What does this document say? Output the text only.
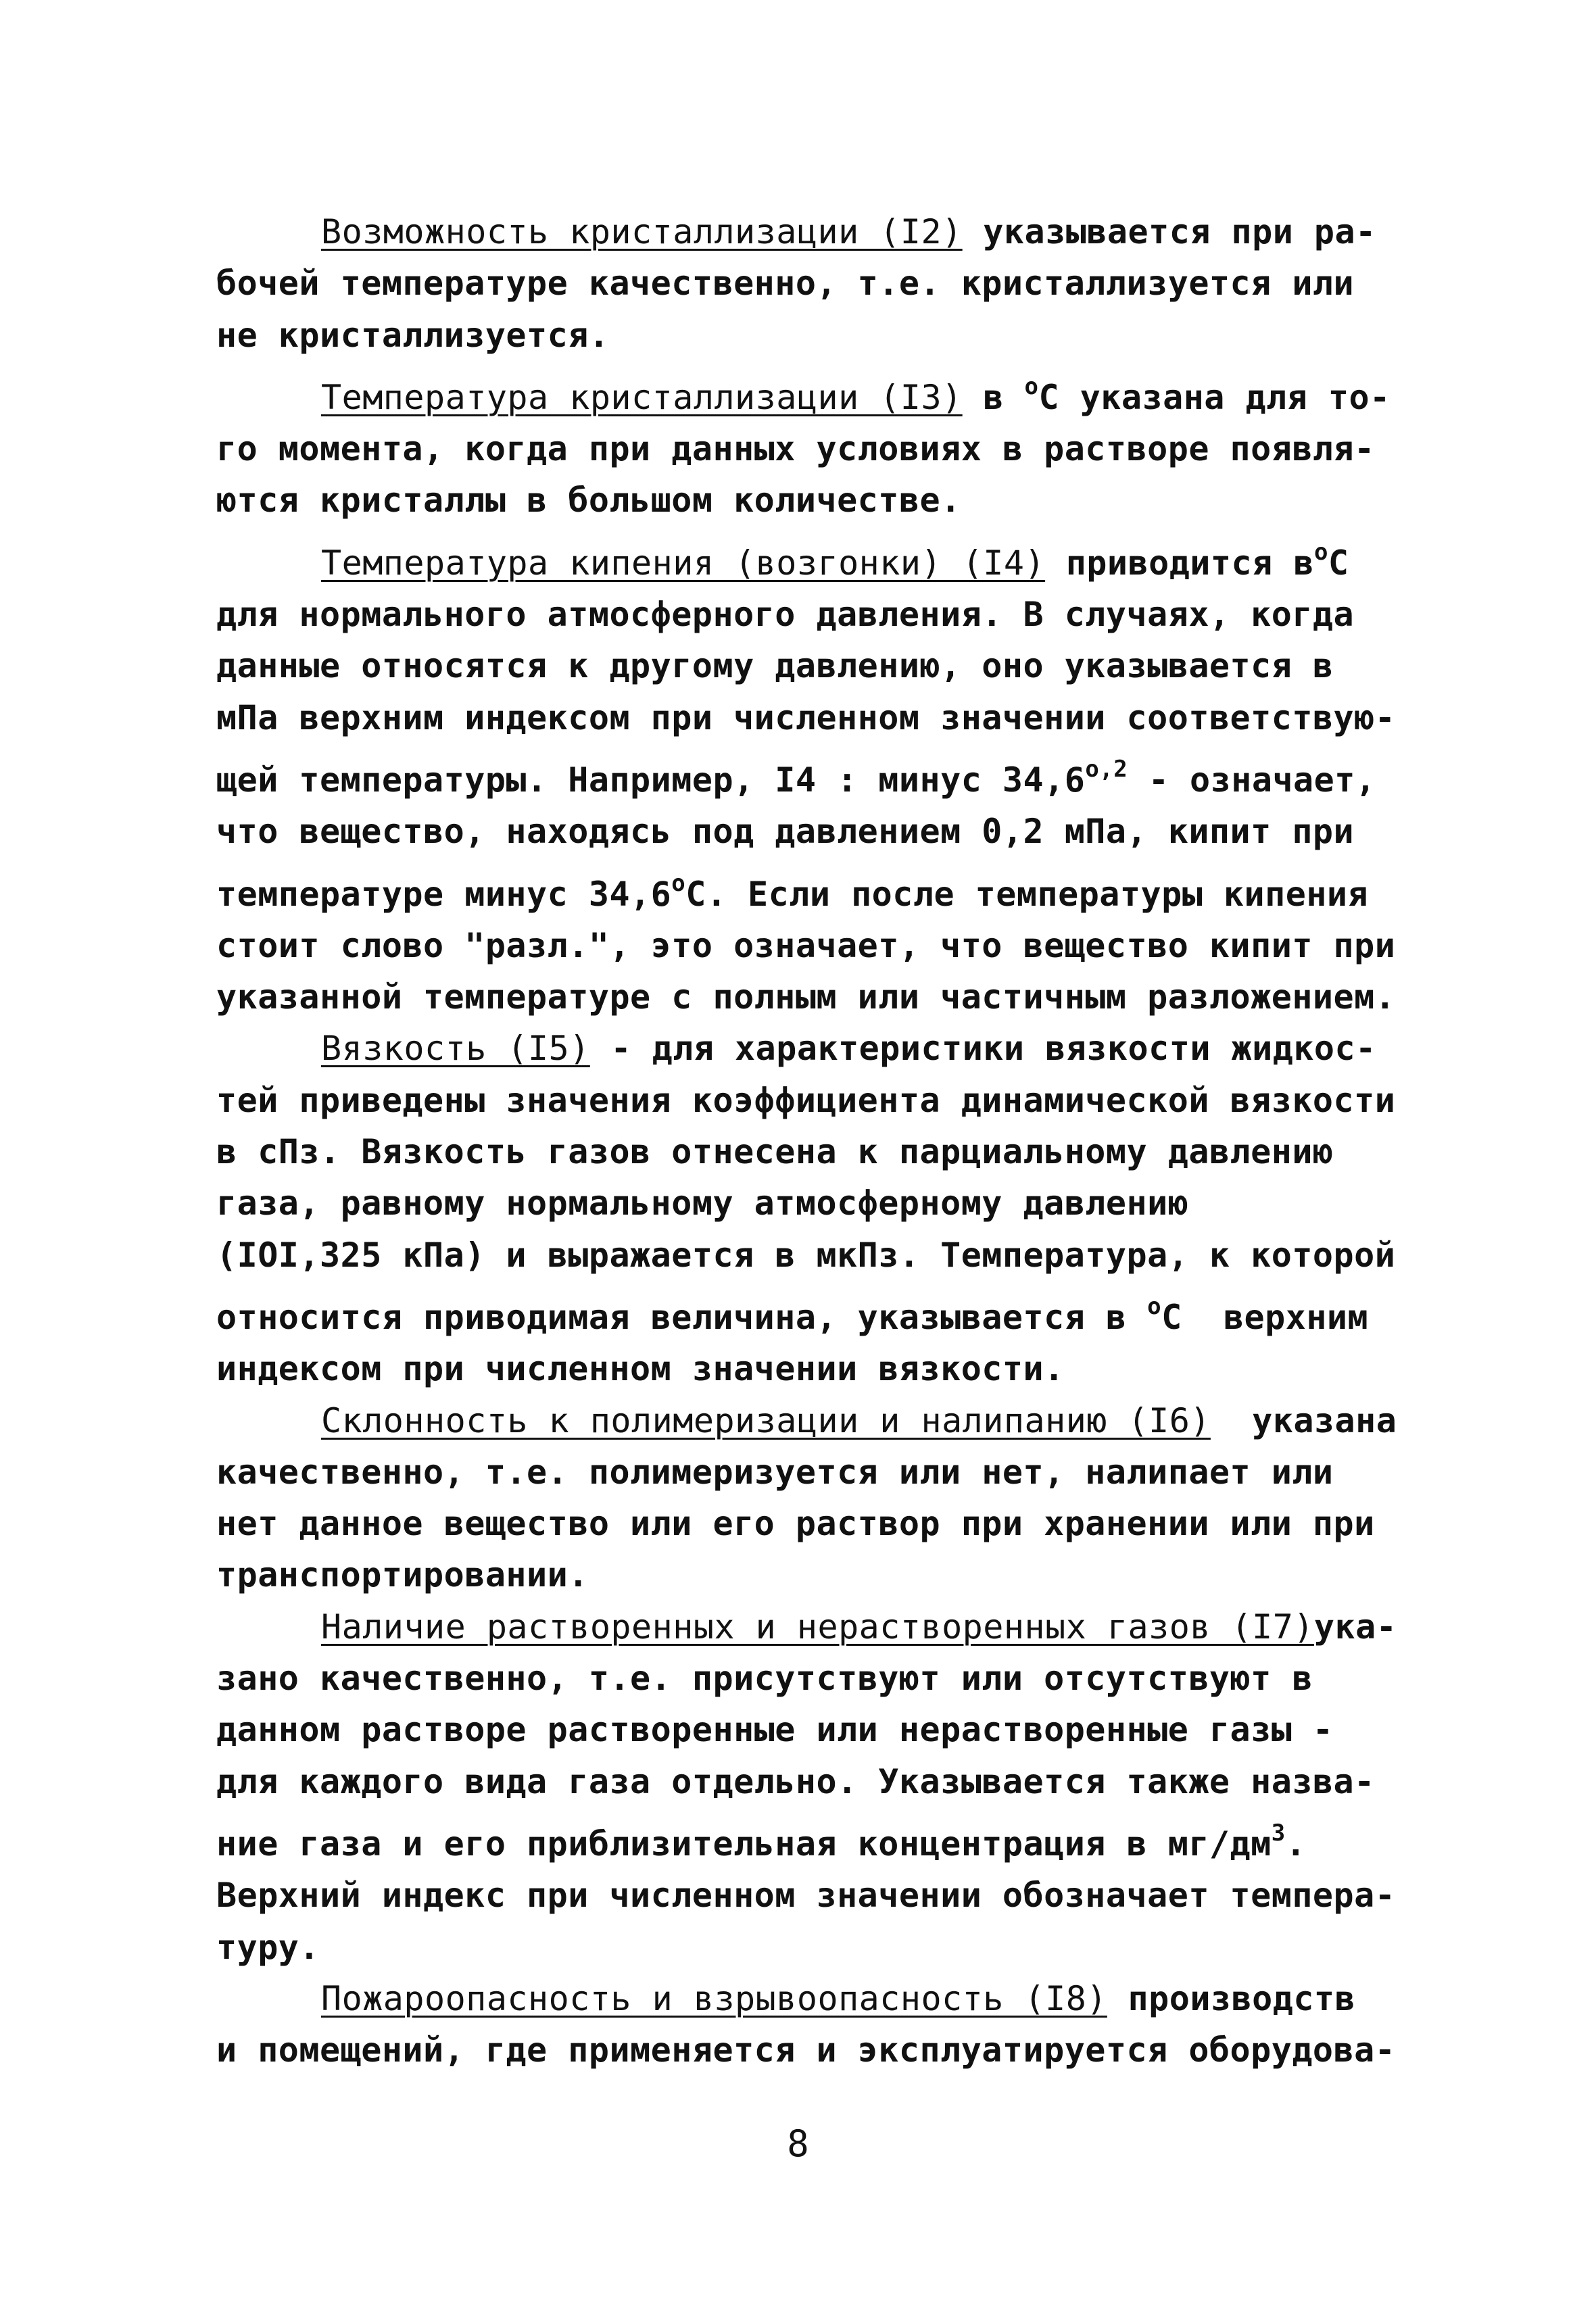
Возможность кристаллизации (I2) указывается при ра-
бочей температуре качественно, т.е. кристаллизуется или
не кристаллизуется.
Температура кристаллизации (I3) в $^о$С указана для то-
го момента, когда при данных условиях в растворе появля-
ются кристаллы в большом количестве.
Температура кипения (возгонки) (I4) приводится $в^оС$
для нормального атмосферного давления. В случаях, когда
данные относятся к другому давлению, оно указывается в
мПа верхним индексом при численном значении соответствую-
щей температуры. Например, I4 : минус $34,6^{о,2}$ - означает,
что вещество, находясь под давлением 0,2 мПа, кипит при
температуре минус $34,6^оС$. Если после температуры кипения
стоит слово "разл.", это означает, что вещество кипит при
указанной температуре с полным или частичным разложением.
Вязкость (I5) - для характеристики вязкости жидкос-
тей приведены значения коэффициента динамической вязкости
в сПз. Вязкость газов отнесена к парциальному давлению
газа, равному нормальному атмосферному давлению
(IOI,325 кПа) и выражается в мкПз. Температура, к которой
относится приводимая величина, указывается в $^о$С  верхним
индексом при численном значении вязкости.
Склонность к полимеризации и налипанию (I6)  указана
качественно, т.е. полимеризуется или нет, налипает или
нет данное вещество или его раствор при хранении или при
транспортировании.
Наличие растворенных и нерастворенных газов (I7)ука-
зано качественно, т.е. присутствуют или отсутствуют в
данном растворе растворенные или нерастворенные газы -
для каждого вида газа отдельно. Указывается также назва-
ние газа и его приблизительная концентрация в $мг/дм^3$.
Верхний индекс при численном значении обозначает темпера-
туру.
Пожароопасность и взрывоопасность (I8) производств
и помещений, где применяется и эксплуатируется оборудова-
8
